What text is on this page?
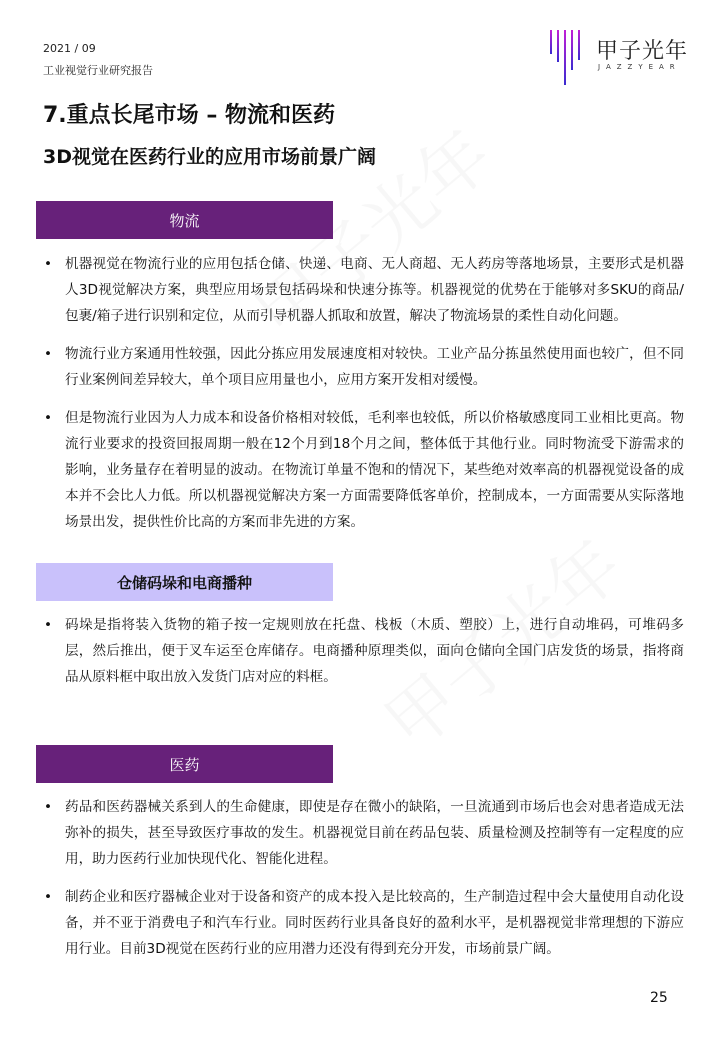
2021 / 09
工业视觉行业研究报告
甲子光年
JAZZYEAR
7.重点长尾市场 – 物流和医药
3D视觉在医药行业的应用市场前景广阔
物流
• 机器视觉在物流行业的应用包括仓储、快递、电商、无人商超、无人药房等落地场景，主要形式是机器人3D视觉解决方案，典型应用场景包括码垛和快速分拣等。机器视觉的优势在于能够对多SKU的商品/包裹/箱子进行识别和定位，从而引导机器人抓取和放置，解决了物流场景的柔性自动化问题。
• 物流行业方案通用性较强，因此分拣应用发展速度相对较快。工业产品分拣虽然使用面也较广，但不同行业案例间差异较大，单个项目应用量也小，应用方案开发相对缓慢。
• 但是物流行业因为人力成本和设备价格相对较低，毛利率也较低，所以价格敏感度同工业相比更高。物流行业要求的投资回报周期一般在12个月到18个月之间，整体低于其他行业。同时物流受下游需求的影响，业务量存在着明显的波动。在物流订单量不饱和的情况下，某些绝对效率高的机器视觉设备的成本并不会比人力低。所以机器视觉解决方案一方面需要降低客单价，控制成本，一方面需要从实际落地场景出发，提供性价比高的方案而非先进的方案。
仓储码垛和电商播种
• 码垛是指将装入货物的箱子按一定规则放在托盘、栈板（木质、塑胶）上，进行自动堆码，可堆码多层，然后推出，便于叉车运至仓库储存。电商播种原理类似，面向仓储向全国门店发货的场景，指将商品从原料框中取出放入发货门店对应的料框。
医药
• 药品和医药器械关系到人的生命健康，即使是存在微小的缺陷，一旦流通到市场后也会对患者造成无法弥补的损失，甚至导致医疗事故的发生。机器视觉目前在药品包装、质量检测及控制等有一定程度的应用，助力医药行业加快现代化、智能化进程。
• 制药企业和医疗器械企业对于设备和资产的成本投入是比较高的，生产制造过程中会大量使用自动化设备，并不亚于消费电子和汽车行业。同时医药行业具备良好的盈利水平，是机器视觉非常理想的下游应用行业。目前3D视觉在医药行业的应用潜力还没有得到充分开发，市场前景广阔。
25
